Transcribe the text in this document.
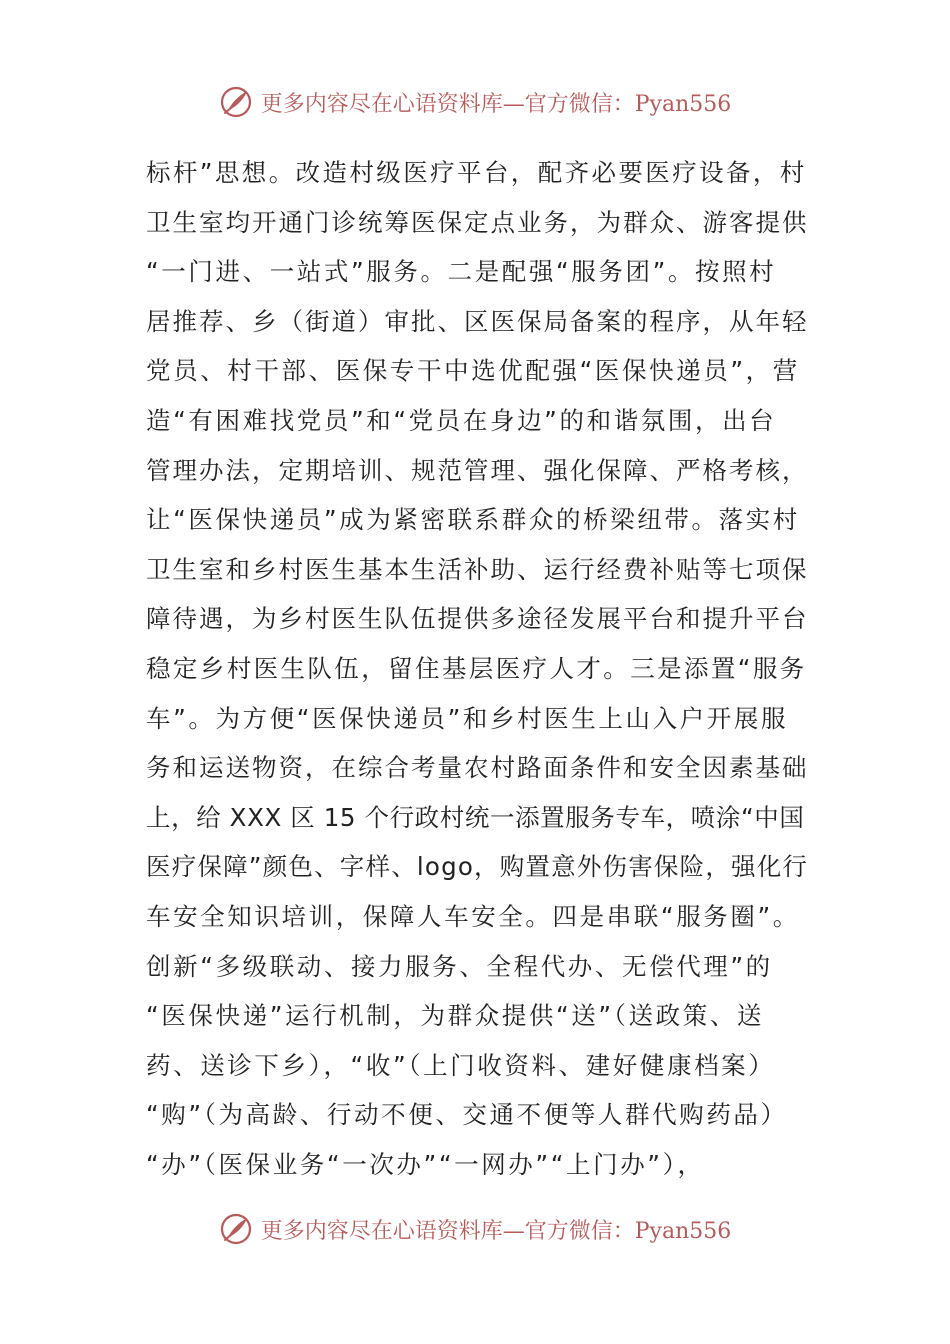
更多内容尽在心语资料库—官方微信：Pyan556
标杆”思想。改造村级医疗平台，配齐必要医疗设备，村
卫生室均开通门诊统筹医保定点业务，为群众、游客提供
“一门进、一站式”服务。二是配强“服务团”。按照村
居推荐、乡（街道）审批、区医保局备案的程序，从年轻
党员、村干部、医保专干中选优配强“医保快递员”，营
造“有困难找党员”和“党员在身边”的和谐氛围，出台
管理办法，定期培训、规范管理、强化保障、严格考核，
让“医保快递员”成为紧密联系群众的桥梁纽带。落实村
卫生室和乡村医生基本生活补助、运行经费补贴等七项保
障待遇，为乡村医生队伍提供多途径发展平台和提升平台
稳定乡村医生队伍，留住基层医疗人才。三是添置“服务
车”。为方便“医保快递员”和乡村医生上山入户开展服
务和运送物资，在综合考量农村路面条件和安全因素基础
上，给 XXX 区 15 个行政村统一添置服务专车，喷涂“中国
医疗保障”颜色、字样、logo，购置意外伤害保险，强化行
车安全知识培训，保障人车安全。四是串联“服务圈”。
创新“多级联动、接力服务、全程代办、无偿代理”的
“医保快递”运行机制，为群众提供“送”（送政策、送
药、送诊下乡），“收”（上门收资料、建好健康档案）
“购”（为高龄、行动不便、交通不便等人群代购药品）
“办”（医保业务“一次办”“一网办”“上门办”），
更多内容尽在心语资料库—官方微信：Pyan556
